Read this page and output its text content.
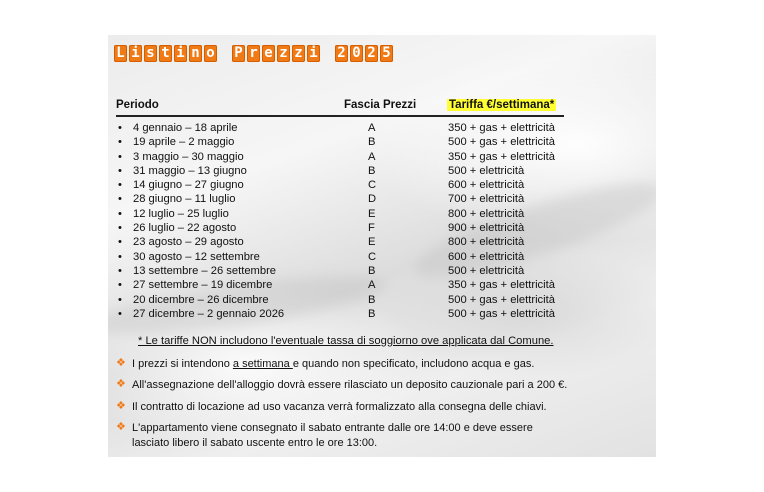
L i s t i n o P r e z z i 2 0 2 5
Periodo	Fascia Prezzi	Tariffa €/settimana*
• 4 gennaio – 18 aprile	A	350 + gas + elettricità
• 19 aprile – 2 maggio	B	500 + gas + elettricità
• 3 maggio – 30 maggio	A	350 + gas + elettricità
• 31 maggio – 13 giugno	B	500 + elettricità
• 14 giugno – 27 giugno	C	600 + elettricità
• 28 giugno – 11 luglio	D	700 + elettricità
• 12 luglio – 25 luglio	E	800 + elettricità
• 26 luglio – 22 agosto	F	900 + elettricità
• 23 agosto – 29 agosto	E	800 + elettricità
• 30 agosto – 12 settembre	C	600 + elettricità
• 13 settembre – 26 settembre	B	500 + elettricità
• 27 settembre – 19 dicembre	A	350 + gas + elettricità
• 20 dicembre – 26 dicembre	B	500 + gas + elettricità
• 27 dicembre – 2 gennaio 2026	B	500 + gas + elettricità
* Le tariffe NON includono l'eventuale tassa di soggiorno ove applicata dal Comune.
❖ I prezzi si intendono a settimana e quando non specificato, includono acqua e gas.
❖ All'assegnazione dell'alloggio dovrà essere rilasciato un deposito cauzionale pari a 200 €.
❖ Il contratto di locazione ad uso vacanza verrà formalizzato alla consegna delle chiavi.
❖ L'appartamento viene consegnato il sabato entrante dalle ore 14:00 e deve essere
lasciato libero il sabato uscente entro le ore 13:00.
